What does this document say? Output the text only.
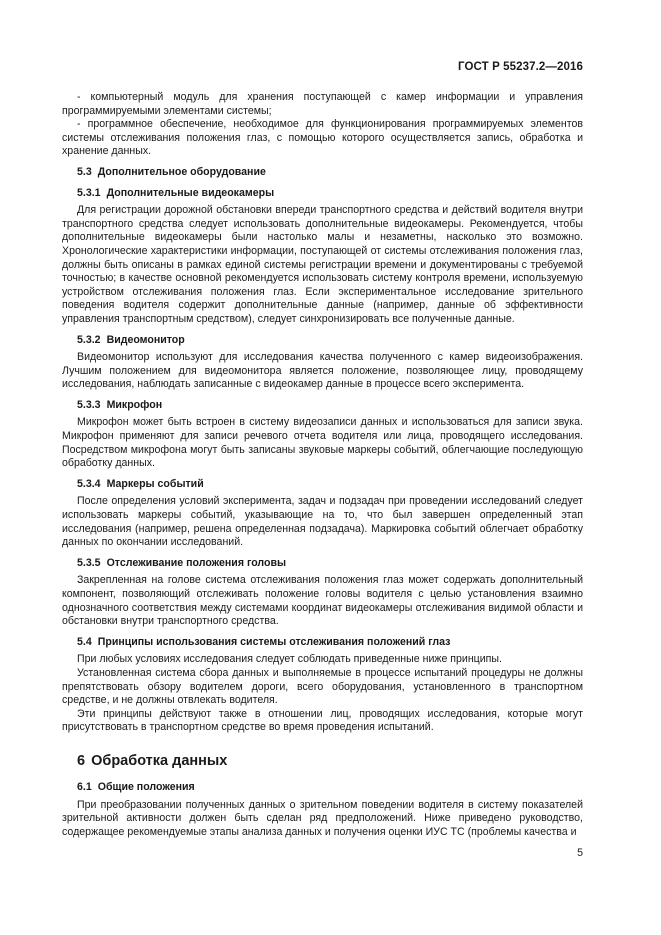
ГОСТ Р 55237.2—2016

- компьютерный модуль для хранения поступающей с камер информации и управления программируемыми элементами системы;

- программное обеспечение, необходимое для функционирования программируемых элементов системы отслеживания положения глаз, с помощью которого осуществляется запись, обработка и хранение данных.

5.3 Дополнительное оборудование
5.3.1 Дополнительные видеокамеры

Для регистрации дорожной обстановки впереди транспортного средства и действий водителя внутри транспортного средства следует использовать дополнительные видеокамеры. Рекомендуется, чтобы дополнительные видеокамеры были настолько малы и незаметны, насколько это возможно. Хронологические характеристики информации, поступающей от системы отслеживания положения глаз, должны быть описаны в рамках единой системы регистрации времени и документированы с требуемой точностью; в качестве основной рекомендуется использовать систему контроля времени, используемую устройством отслеживания положения глаз. Если экспериментальное исследование зрительного поведения водителя содержит дополнительные данные (например, данные об эффективности управления транспортным средством), следует синхронизировать все полученные данные.

5.3.2 Видеомонитор

Видеомонитор используют для исследования качества полученного с камер видеоизображения. Лучшим положением для видеомонитора является положение, позволяющее лицу, проводящему исследования, наблюдать записанные с видеокамер данные в процессе всего эксперимента.

5.3.3 Микрофон

Микрофон может быть встроен в систему видеозаписи данных и использоваться для записи звука. Микрофон применяют для записи речевого отчета водителя или лица, проводящего исследования. Посредством микрофона могут быть записаны звуковые маркеры событий, облегчающие последующую обработку данных.

5.3.4 Маркеры событий

После определения условий эксперимента, задач и подзадач при проведении исследований следует использовать маркеры событий, указывающие на то, что был завершен определенный этап исследования (например, решена определенная подзадача). Маркировка событий облегчает обработку данных по окончании исследований.

5.3.5 Отслеживание положения головы

Закрепленная на голове система отслеживания положения глаз может содержать дополнительный компонент, позволяющий отслеживать положение головы водителя с целью установления взаимно однозначного соответствия между системами координат видеокамеры отслеживания видимой области и обстановки внутри транспортного средства.

5.4 Принципы использования системы отслеживания положений глаз

При любых условиях исследования следует соблюдать приведенные ниже принципы.

Установленная система сбора данных и выполняемые в процессе испытаний процедуры не должны препятствовать обзору водителем дороги, всего оборудования, установленного в транспортном средстве, и не должны отвлекать водителя.

Эти принципы действуют также в отношении лиц, проводящих исследования, которые могут присутствовать в транспортном средстве во время проведения испытаний.

6 Обработка данных
6.1 Общие положения

При преобразовании полученных данных о зрительном поведении водителя в систему показателей зрительной активности должен быть сделан ряд предположений. Ниже приведено руководство, содержащее рекомендуемые этапы анализа данных и получения оценки ИУС ТС (проблемы качества и

5
